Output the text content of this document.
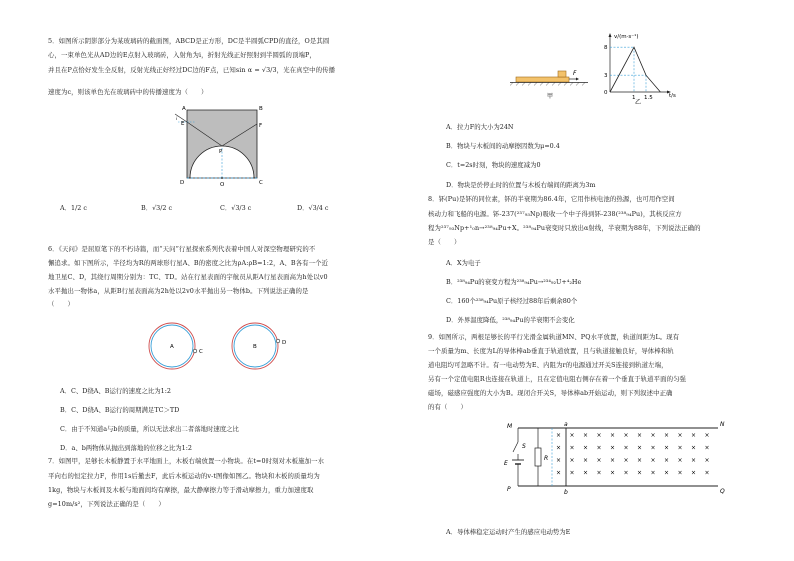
5．如图所示阴影部分为某玻璃砖的截面图，ABCD是正方形，DC是半圆弧CPD的直径，O是其圆
心，一束单色光从AD边的E点射入玻璃砖，入射角为i，折射光线正好照射到半圆弧的顶端P，
并且在P点恰好发生全反射，反射光线正好经过DC边的F点，已知sin α = √3/3，光在真空中的传播
速度为c，则该单色光在玻璃砖中的传播速度为（　　）
A	B
C
D
E	F
P
O
i
A．1/2 c	B．√3/2 c	C．√3/3 c	D．√3/4 c
6．《天问》是屈原笔下的不朽诗篇，而“天问”行星探索系列代表着中国人对深空物理研究的不
懈追求。如下图所示，半径均为R的两球形行星A、B的密度之比为ρA:ρB=1:2，A、B各有一个近
地卫星C、D，其绕行周期分别为：TC、TD。站在行星表面的宇航员从距A行星表面高为h处以v0
水平抛出一物体a，从距B行星表面高为2h处以2v0水平抛出另一物体b。下列说法正确的是
（　　）
A
C
B
D
A．C、D绕A、B运行的速度之比为1:2
B．C、D绕A、B运行的周期满足TC＞TD
C．由于不知道a与b的质量，所以无法求出二者落地时速度之比
D．a、b两物体从抛出到落地的位移之比为1:2
7．如图甲，足够长木板静置于水平地面上，木板右端放置一小物块。在t=0时刻对木板施加一水
平向右的恒定拉力F，作用1s后撤去F，此后木板运动的v-t图像如图乙。物块和木板的质量均为
1kg，物块与木板间及木板与地面间均有摩擦，最大静摩擦力等于滑动摩擦力，重力加速度取
g=10m/s²，下列说法正确的是（　　）
F
甲
v/(m·s⁻¹)
t/s
8
3
0
1 1.5
乙
A．拉力F的大小为24N
B．物块与木板间的动摩擦因数为μ=0.4
C．t=2s时刻，物块的速度减为0
D．物块是於停止时的位置与木板右端间的距离为3m
8．钚(Pu)是钚的同位素，钚的半衰期为86.4年，它用作核电池的热源，也可用作空间
核动力和飞船的电源。钚-237(²³⁷₉₃Np)吸收一个中子得到钚-238(²³⁸₉₄Pu)，其核反应方
程为²³⁷₉₃Np+¹₀n→²³⁸₉₄Pu+X。²³⁸₉₄Pu衰变时只放出α射线，半衰期为88年，下列说法正确的
是（　　）
A．X为电子
B．²³⁸₉₄Pu的衰变方程为²³⁸₉₄Pu→²³⁴₉₂U+⁴₂He
C．160个²³⁸₉₄Pu原子核经过88年后剩余80个
D．外界温度降低，²³⁸₉₄Pu的半衰期不会变化
9．如图所示，两根足够长的平行光滑金属轨道MN、PQ水平放置，轨道间距为L。现有
一个质量为m、长度为L的导体棒ab垂直于轨道放置，且与轨道接触良好，导体棒和轨
道电阻均可忽略不计。有一电动势为E、内阻为r的电源通过开关S连接到轨道左端，
另有一个定值电阻R也连接在轨道上，且在定值电阻右侧存在着一个垂直于轨道平面的匀强
磁场，磁感应强度的大小为B。现闭合开关S，导体棒ab开始运动，则下列叙述中正确
的有（　　）
× × × × × × × × × × × ×
× × × × × × × × × × × ×
× × × × × × × × × × × ×
× × × × × × × × × × × ×
M	N
P	Q
a
b
S
E
R
A．导体棒稳定运动时产生的感应电动势为E
